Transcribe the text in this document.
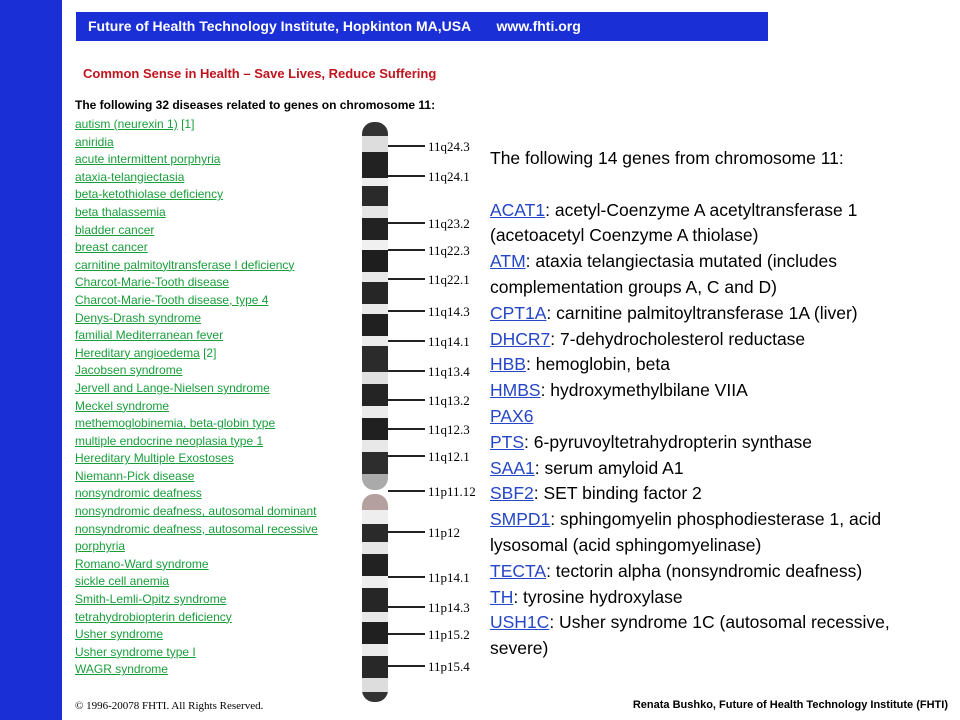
Future of Health Technology Institute, Hopkinton MA,USA www.fhti.org
Common Sense in Health – Save Lives, Reduce Suffering
The following 32 diseases related to genes on chromosome 11:
autism (neurexin 1) [1]
aniridia
acute intermittent porphyria
ataxia-telangiectasia
beta-ketothiolase deficiency
beta thalassemia
bladder cancer
breast cancer
carnitine palmitoyltransferase I deficiency
Charcot-Marie-Tooth disease
Charcot-Marie-Tooth disease, type 4
Denys-Drash syndrome
familial Mediterranean fever
Hereditary angioedema [2]
Jacobsen syndrome
Jervell and Lange-Nielsen syndrome
Meckel syndrome
methemoglobinemia, beta-globin type
multiple endocrine neoplasia type 1
Hereditary Multiple Exostoses
Niemann-Pick disease
nonsyndromic deafness
nonsyndromic deafness, autosomal dominant
nonsyndromic deafness, autosomal recessive
porphyria
Romano-Ward syndrome
sickle cell anemia
Smith-Lemli-Opitz syndrome
tetrahydrobiopterin deficiency
Usher syndrome
Usher syndrome type I
WAGR syndrome
11q24.3
11q24.1
11q23.2
11q22.3
11q22.1
11q14.3
11q14.1
11q13.4
11q13.2
11q12.3
11q12.1
11p11.12
11p12
11p14.1
11p14.3
11p15.2
11p15.4
The following 14 genes from chromosome 11:
ACAT1: acetyl-Coenzyme A acetyltransferase 1 (acetoacetyl Coenzyme A thiolase)
ATM: ataxia telangiectasia mutated (includes complementation groups A, C and D)
CPT1A: carnitine palmitoyltransferase 1A (liver)
DHCR7: 7-dehydrocholesterol reductase
HBB: hemoglobin, beta
HMBS: hydroxymethylbilane VIIA
PAX6
PTS: 6-pyruvoyltetrahydropterin synthase
SAA1: serum amyloid A1
SBF2: SET binding factor 2
SMPD1: sphingomyelin phosphodiesterase 1, acid lysosomal (acid sphingomyelinase)
TECTA: tectorin alpha (nonsyndromic deafness)
TH: tyrosine hydroxylase
USH1C: Usher syndrome 1C (autosomal recessive, severe)
© 1996-20078 FHTI. All Rights Reserved.	Renata Bushko, Future of Health Technology Institute (FHTI)
